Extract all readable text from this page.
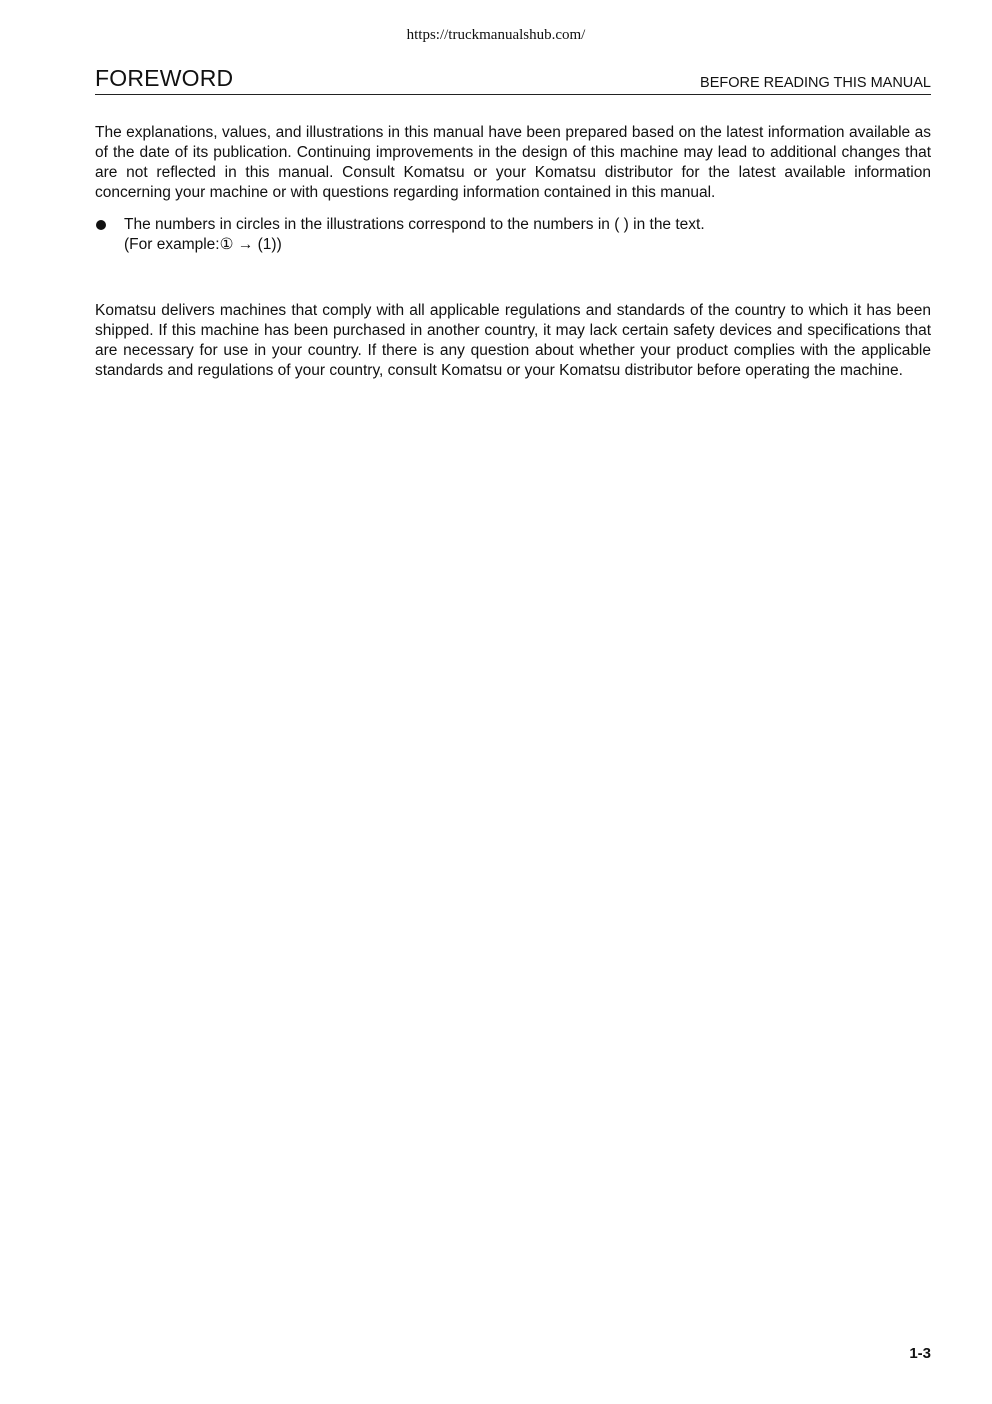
https://truckmanualshub.com/
FOREWORD	BEFORE READING THIS MANUAL

The explanations, values, and illustrations in this manual have been prepared based on the latest information available as of the date of its publication. Continuing improvements in the design of this machine may lead to additional changes that are not reflected in this manual. Consult Komatsu or your Komatsu distributor for the latest available information concerning your machine or with questions regarding information contained in this manual.

The numbers in circles in the illustrations correspond to the numbers in ( ) in the text.
(For example:① → (1))

Komatsu delivers machines that comply with all applicable regulations and standards of the country to which it has been shipped. If this machine has been purchased in another country, it may lack certain safety devices and specifications that are necessary for use in your country. If there is any question about whether your product complies with the applicable standards and regulations of your country, consult Komatsu or your Komatsu distributor before operating the machine.

1-3
